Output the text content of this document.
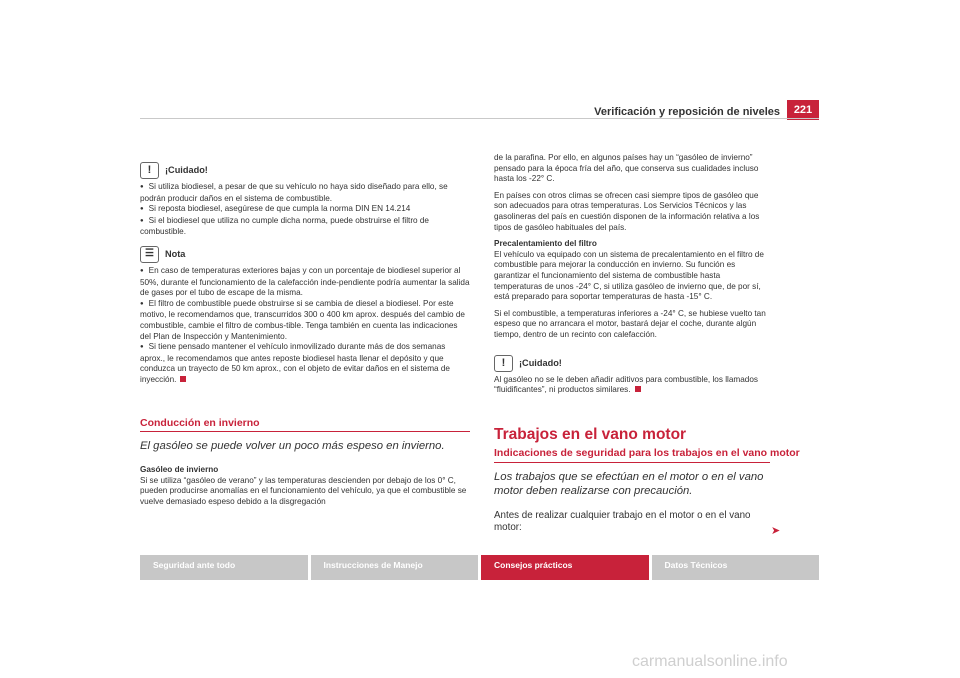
Verificación y reposición de niveles	221
!	¡Cuidado!

● Si utiliza biodiesel, a pesar de que su vehículo no haya sido diseñado para ello, se podrán producir daños en el sistema de combustible.

● Si reposta biodiesel, asegúrese de que cumpla la norma DIN EN 14.214

● Si el biodiesel que utiliza no cumple dicha norma, puede obstruirse el filtro de combustible.

☰	Nota

● En caso de temperaturas exteriores bajas y con un porcentaje de biodiesel superior al 50%, durante el funcionamiento de la calefacción inde-pendiente podría aumentar la salida de gases por el tubo de escape de la misma.

● El filtro de combustible puede obstruirse si se cambia de diesel a biodiesel. Por este motivo, le recomendamos que, transcurridos 300 o 400 km aprox. después del cambio de combustible, cambie el filtro de combus-tible. Tenga también en cuenta las indicaciones del Plan de Inspección y Mantenimiento.

● Si tiene pensado mantener el vehículo inmovilizado durante más de dos semanas aprox., le recomendamos que antes reposte biodiesel hasta llenar el depósito y que conduzca un trayecto de 50 km aprox., con el objeto de evitar daños en el sistema de inyección.

Conducción en invierno
El gasóleo se puede volver un poco más espeso en invierno.
Gasóleo de invierno

Si se utiliza “gasóleo de verano” y las temperaturas descienden por debajo de los 0° C, pueden producirse anomalías en el funcionamiento del vehículo, ya que el combustible se vuelve demasiado espeso debido a la disgregación

de la parafina. Por ello, en algunos países hay un “gasóleo de invierno” pensado para la época fría del año, que conserva sus cualidades incluso hasta los -22° C.

En países con otros climas se ofrecen casi siempre tipos de gasóleo que son adecuados para otras temperaturas. Los Servicios Técnicos y las gasolineras del país en cuestión disponen de la información relativa a los tipos de gasóleo habituales del país.

Precalentamiento del filtro

El vehículo va equipado con un sistema de precalentamiento en el filtro de combustible para mejorar la conducción en invierno. Su función es garantizar el funcionamiento del sistema de combustible hasta temperaturas de unos -24° C, si utiliza gasóleo de invierno que, de por sí, está preparado para soportar temperaturas de hasta -15° C.

Si el combustible, a temperaturas inferiores a -24° C, se hubiese vuelto tan espeso que no arrancara el motor, bastará dejar el coche, durante algún tiempo, dentro de un recinto con calefacción.

!	¡Cuidado!

Al gasóleo no se le deben añadir aditivos para combustible, los llamados “fluidificantes”, ni productos similares.

Trabajos en el vano motor
Indicaciones de seguridad para los trabajos en el vano motor
Los trabajos que se efectúan en el motor o en el vano motor deben realizarse con precaución.
Antes de realizar cualquier trabajo en el motor o en el vano motor:	➤
Seguridad ante todo	Instrucciones de Manejo	Consejos prácticos	Datos Técnicos
carmanualsonline.info
